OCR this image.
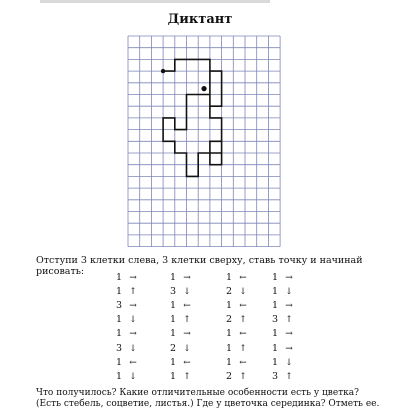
Диктант
Отступи 3 клетки слева, 3 клетки сверху, ставь точку и начинай рисовать:
1 →
1 ↑
3 →
1 ↓
1 →
3 ↓
1 ←
1 ↓
1 →
3 ↓
1 ←
1 ↑
1 →
2 ↓
1 ←
1 ↑
1 ←
2 ↓
1 ←
2 ↑
1 ←
1 ↑
1 ←
2 ↑
1 →
1 ↓
1 →
3 ↑
1 →
1 →
1 ↓
3 ↑
Что получилось? Какие отличительные особенности есть у цветка? (Есть стебель, соцветие, листья.) Где у цветочка серединка? Отметь ее.
